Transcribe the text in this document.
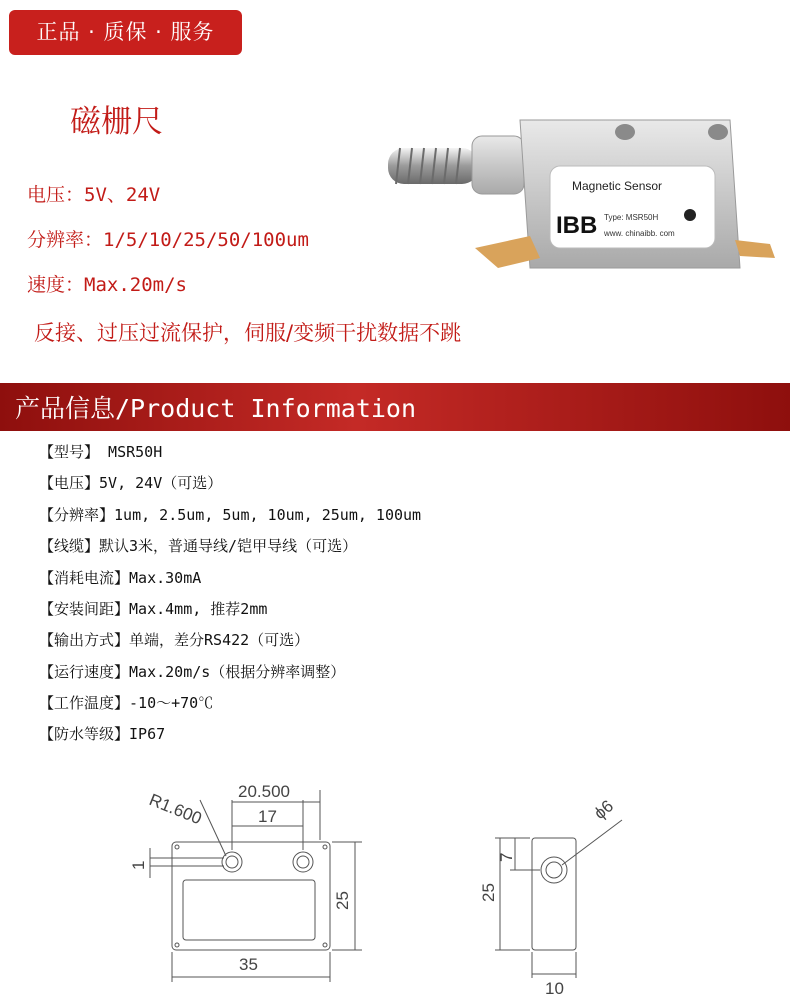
正品 · 质保 · 服务
磁栅尺
电压：5V、24V
分辨率：1/5/10/25/50/100um
速度：Max.20m/s
反接、过压过流保护，伺服/变频干扰数据不跳
Magnetic Sensor
IBB Type: MSR50H
www. chinaibb. com
产品信息/Product Information
【型号】 MSR50H
【电压】5V, 24V（可选）
【分辨率】1um, 2.5um, 5um, 10um, 25um, 100um
【线缆】默认3米，普通导线/铠甲导线（可选）
【消耗电流】Max.30mA
【安装间距】Max.4mm, 推荐2mm
【输出方式】单端，差分RS422（可选）
【运行速度】Max.20m/s（根据分辨率调整）
【工作温度】-10～+70℃
【防水等级】IP67
20.500
17
R1.600
1
25
35
ϕ6
7
25
10
